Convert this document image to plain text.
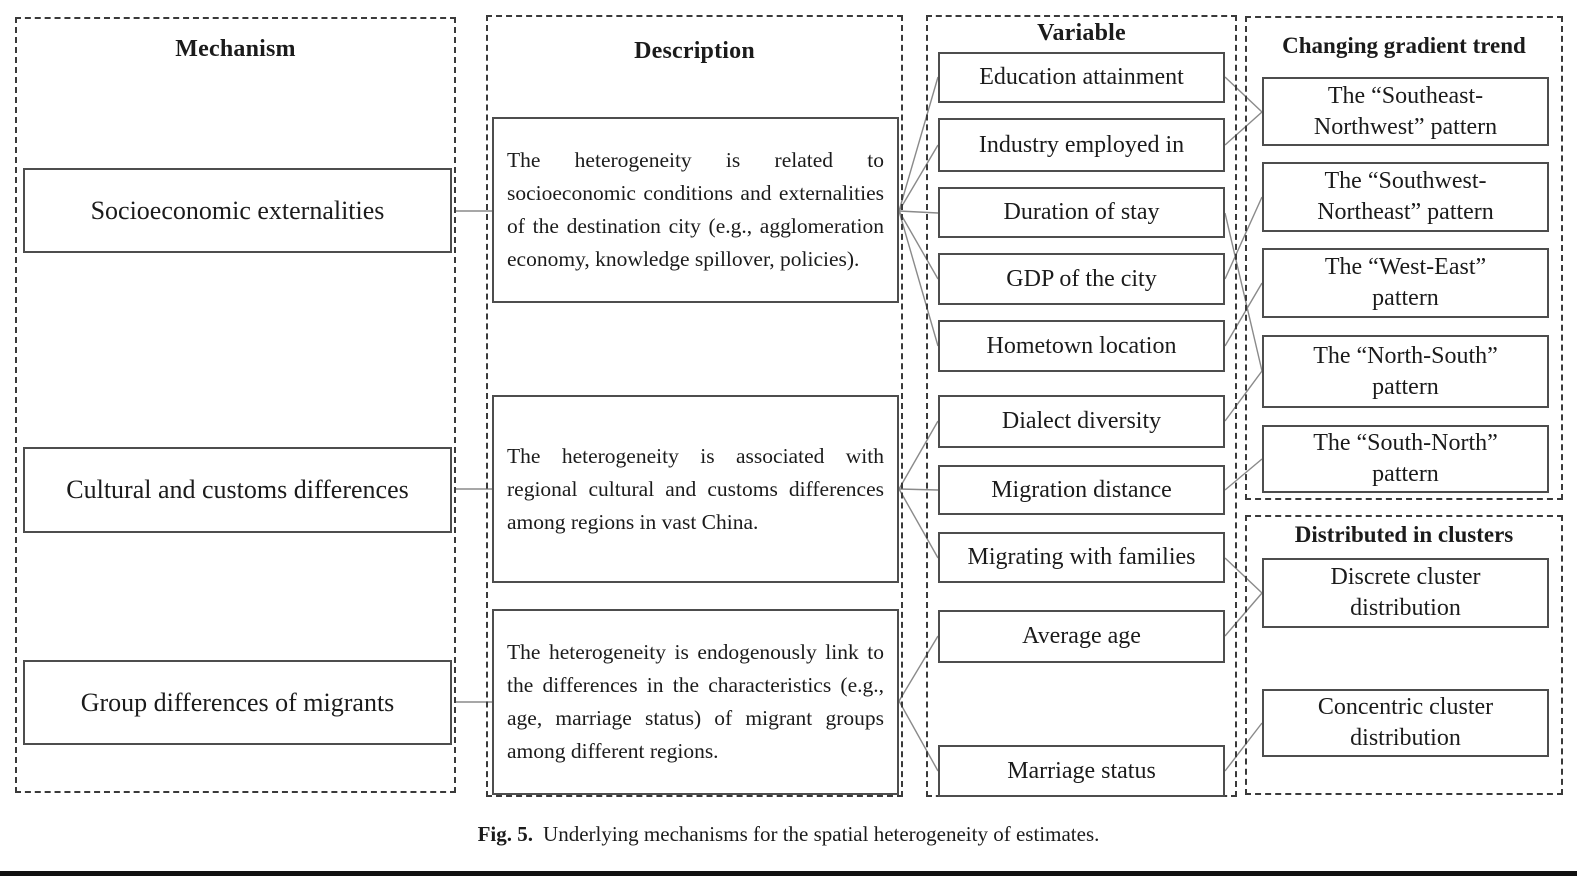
Mechanism	Description
Variable	Changing gradient trend
Distributed in clusters
Socioeconomic externalities
Cultural and customs differences
Group differences of migrants

The heterogeneity is related to socioeconomic conditions and externalities of the destination city (e.g., agglomeration economy, knowledge spillover, policies).

The heterogeneity is associated with regional cultural and customs differences among regions in vast China.

The heterogeneity is endogenously link to the differences in the characteristics (e.g., age, marriage status) of migrant groups among different regions.

Education attainment
Industry employed in
Duration of stay
GDP of the city
Hometown location
Dialect diversity
Migration distance
Migrating with families
Average age
Marriage status
The “Southeast-Northwest” pattern
The “Southwest-Northeast” pattern
The “West-East” pattern
The “North-South” pattern
The “South-North” pattern
Discrete cluster distribution
Concentric cluster distribution
Fig. 5. Underlying mechanisms for the spatial heterogeneity of estimates.
